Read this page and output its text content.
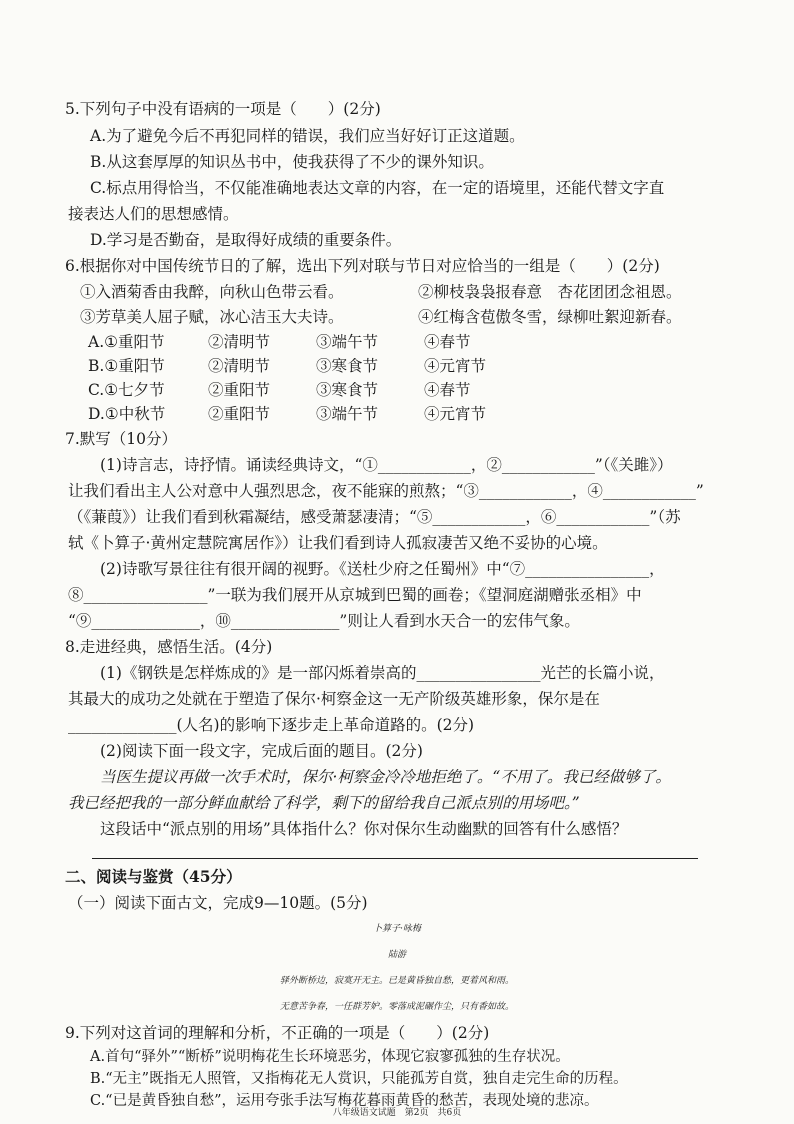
5.下列句子中没有语病的一项是（　　）(2分)
A.为了避免今后不再犯同样的错误，我们应当好好订正这道题。
B.从这套厚厚的知识丛书中，使我获得了不少的课外知识。
C.标点用得恰当，不仅能准确地表达文章的内容，在一定的语境里，还能代替文字直
接表达人们的思想感情。
D.学习是否勤奋，是取得好成绩的重要条件。
6.根据你对中国传统节日的了解，选出下列对联与节日对应恰当的一组是（　　）(2分)
①入酒菊香由我醉，向秋山色带云看。	②柳枝袅袅报春意　杏花团团念祖恩。
③芳草美人屈子赋，冰心洁玉大夫诗。	④红梅含苞傲冬雪，绿柳吐絮迎新春。
A.①重阳节	②清明节	③端午节	④春节
B.①重阳节	②清明节	③寒食节	④元宵节
C.①七夕节	②重阳节	③寒食节	④春节
D.①中秋节	②重阳节	③端午节	④元宵节
7.默写（10分）
(1)诗言志，诗抒情。诵读经典诗文，“①____________，②____________”（《关雎》）
让我们看出主人公对意中人强烈思念，夜不能寐的煎熬；“③____________，④____________”
（《蒹葭》）让我们看到秋霜凝结，感受萧瑟凄清；“⑤____________，⑥____________”（苏
轼《卜算子·黄州定慧院寓居作》）让我们看到诗人孤寂凄苦又绝不妥协的心境。
(2)诗歌写景往往有很开阔的视野。《送杜少府之任蜀州》中“⑦________________，
⑧________________”一联为我们展开从京城到巴蜀的画卷；《望洞庭湖赠张丞相》中
“⑨______________，⑩______________”则让人看到水天合一的宏伟气象。
8.走进经典，感悟生活。(4分)
(1)《钢铁是怎样炼成的》是一部闪烁着崇高的________________光芒的长篇小说，
其最大的成功之处就在于塑造了保尔·柯察金这一无产阶级英雄形象，保尔是在
______________(人名)的影响下逐步走上革命道路的。(2分)
(2)阅读下面一段文字，完成后面的题目。(2分)
当医生提议再做一次手术时，保尔·柯察金冷冷地拒绝了。“不用了。我已经做够了。
我已经把我的一部分鲜血献给了科学，剩下的留给我自己派点别的用场吧。”
这段话中“派点别的用场”具体指什么？你对保尔生动幽默的回答有什么感悟？
二、阅读与鉴赏（45分）
（一）阅读下面古文，完成9—10题。(5分)
卜算子·咏梅
陆游
驿外断桥边，寂寞开无主。已是黄昏独自愁，更着风和雨。
无意苦争春，一任群芳妒。零落成泥碾作尘，只有香如故。
9.下列对这首词的理解和分析，不正确的一项是（　　）(2分)
A.首句“驿外”“断桥”说明梅花生长环境恶劣，体现它寂寥孤独的生存状况。
B.“无主”既指无人照管，又指梅花无人赏识，只能孤芳自赏，独自走完生命的历程。
C.“已是黄昏独自愁”，运用夸张手法写梅花暮雨黄昏的愁苦，表现处境的悲凉。
八年级语文试题　第2页　共6页
